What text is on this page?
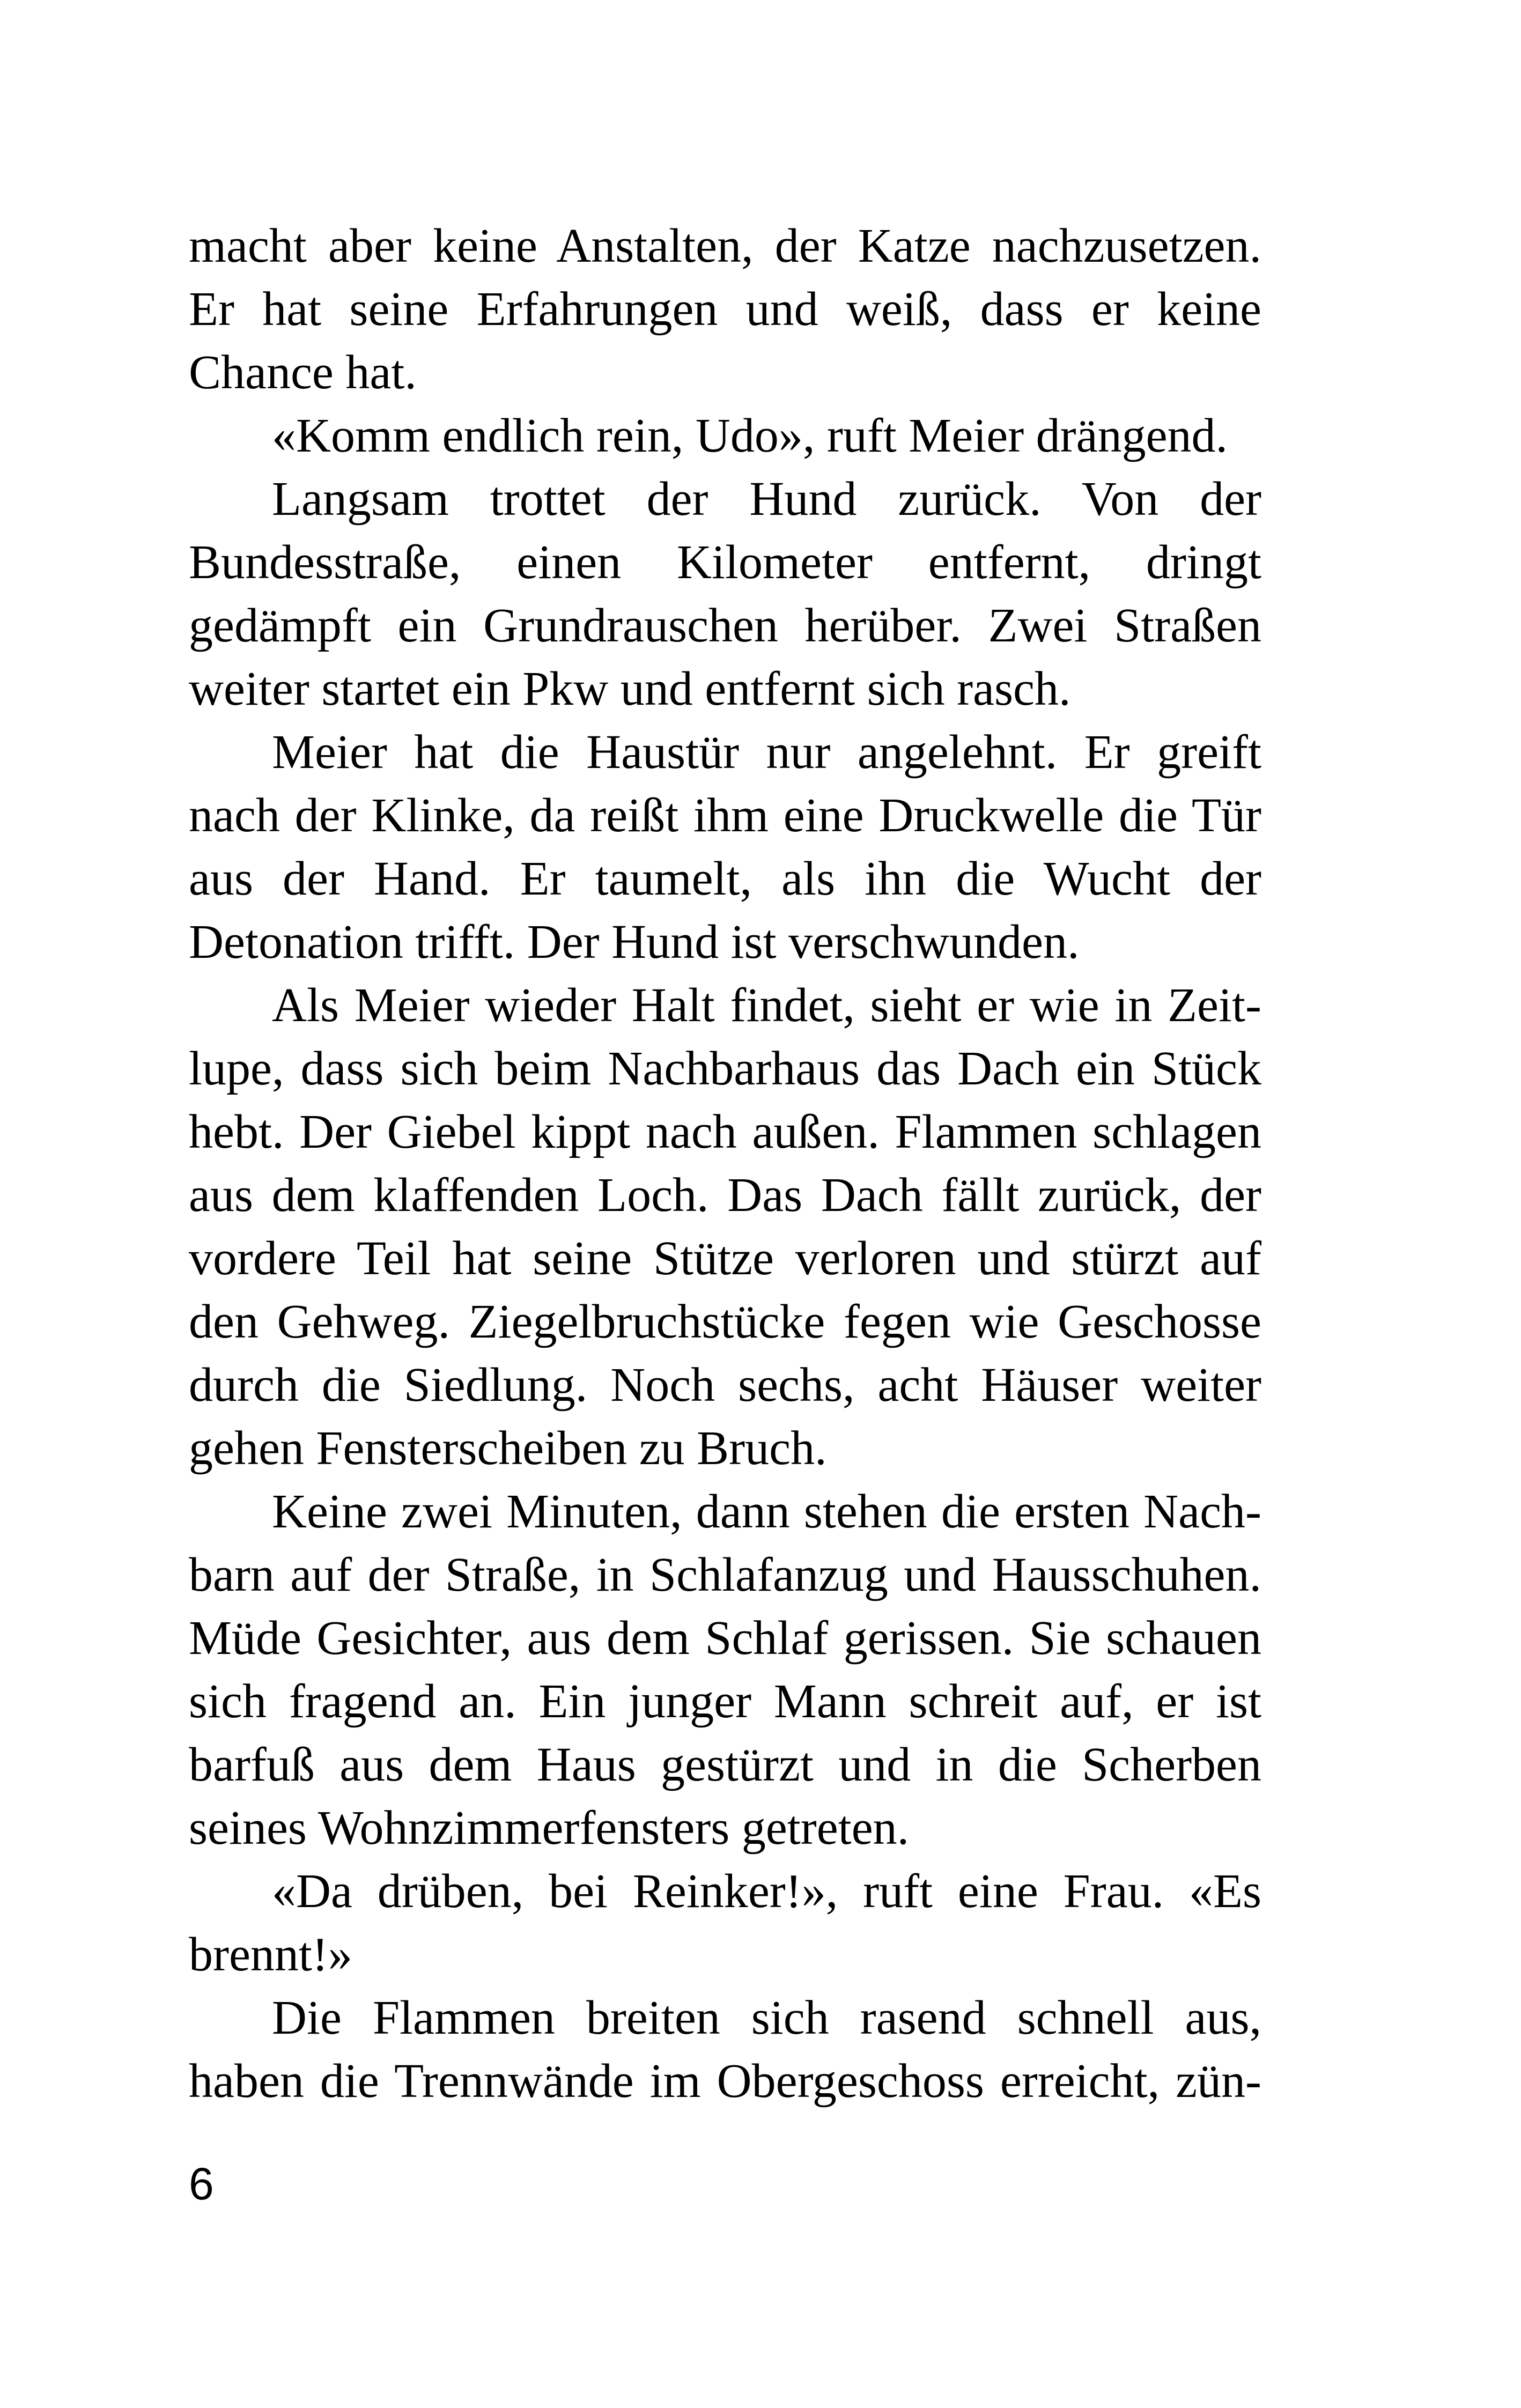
macht aber keine Anstalten, der Katze nachzusetzen.
Er hat seine Erfahrungen und weiß, dass er keine
Chance hat.
«Komm endlich rein, Udo», ruft Meier drängend.
Langsam trottet der Hund zurück. Von der
Bundesstraße, einen Kilometer entfernt, dringt
gedämpft ein Grundrauschen herüber. Zwei Straßen
weiter startet ein Pkw und entfernt sich rasch.
Meier hat die Haustür nur angelehnt. Er greift
nach der Klinke, da reißt ihm eine Druckwelle die Tür
aus der Hand. Er taumelt, als ihn die Wucht der
Detonation trifft. Der Hund ist verschwunden.
Als Meier wieder Halt findet, sieht er wie in Zeit-
lupe, dass sich beim Nachbarhaus das Dach ein Stück
hebt. Der Giebel kippt nach außen. Flammen schlagen
aus dem klaffenden Loch. Das Dach fällt zurück, der
vordere Teil hat seine Stütze verloren und stürzt auf
den Gehweg. Ziegelbruchstücke fegen wie Geschosse
durch die Siedlung. Noch sechs, acht Häuser weiter
gehen Fensterscheiben zu Bruch.
Keine zwei Minuten, dann stehen die ersten Nach-
barn auf der Straße, in Schlafanzug und Hausschuhen.
Müde Gesichter, aus dem Schlaf gerissen. Sie schauen
sich fragend an. Ein junger Mann schreit auf, er ist
barfuß aus dem Haus gestürzt und in die Scherben
seines Wohnzimmerfensters getreten.
«Da drüben, bei Reinker!», ruft eine Frau. «Es
brennt!»
Die Flammen breiten sich rasend schnell aus,
haben die Trennwände im Obergeschoss erreicht, zün-
6
